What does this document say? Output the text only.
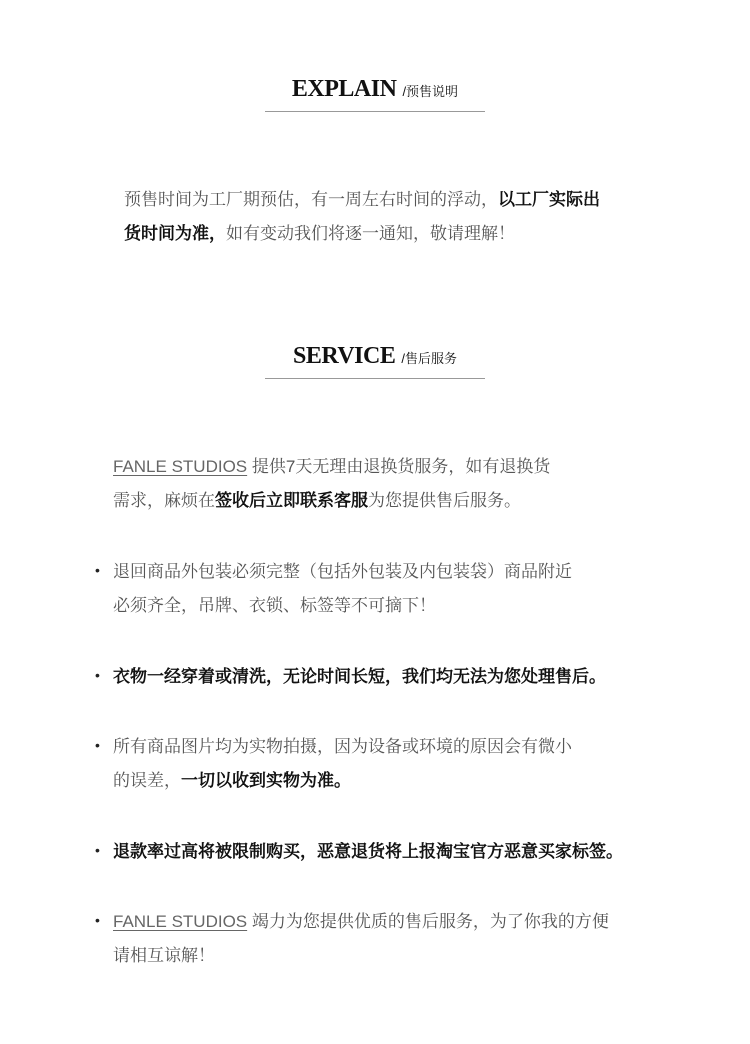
EXPLAIN /预售说明
预售时间为工厂期预估，有一周左右时间的浮动，以工厂实际出
货时间为准，如有变动我们将逐一通知，敬请理解！
SERVICE /售后服务
FANLE STUDIOS 提供7天无理由退换货服务，如有退换货
需求，麻烦在签收后立即联系客服为您提供售后服务。
• 退回商品外包装必须完整（包括外包装及内包装袋）商品附近
必须齐全，吊牌、衣锁、标签等不可摘下！
• 衣物一经穿着或清洗，无论时间长短，我们均无法为您处理售后。
• 所有商品图片均为实物拍摄，因为设备或环境的原因会有微小
的误差，一切以收到实物为准。
• 退款率过高将被限制购买，恶意退货将上报淘宝官方恶意买家标签。
• FANLE STUDIOS 竭力为您提供优质的售后服务，为了你我的方便
请相互谅解！
